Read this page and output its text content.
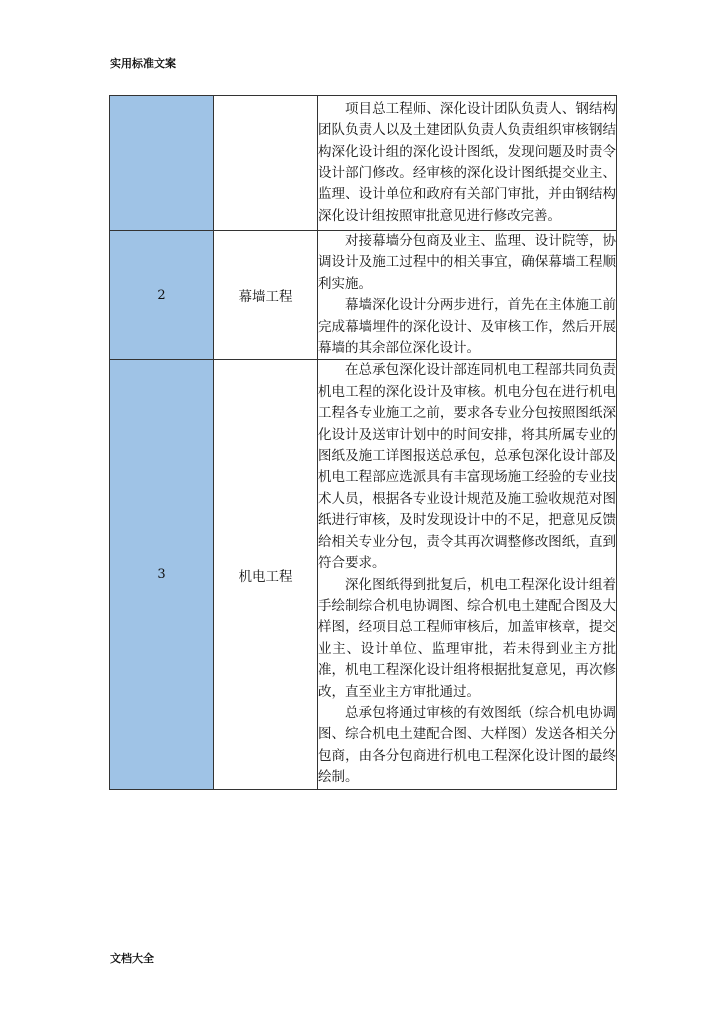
实用标准文案

		项目总工程师、深化设计团队负责人、钢结构团队负责人以及土建团队负责人负责组织审核钢结构深化设计组的深化设计图纸，发现问题及时责令设计部门修改。经审核的深化设计图纸提交业主、监理、设计单位和政府有关部门审批，并由钢结构深化设计组按照审批意见进行修改完善。

2	幕墙工程	对接幕墙分包商及业主、监理、设计院等，协调设计及施工过程中的相关事宜，确保幕墙工程顺利实施。

幕墙深化设计分两步进行，首先在主体施工前完成幕墙埋件的深化设计、及审核工作，然后开展幕墙的其余部位深化设计。

3	机电工程	在总承包深化设计部连同机电工程部共同负责机电工程的深化设计及审核。机电分包在进行机电工程各专业施工之前，要求各专业分包按照图纸深化设计及送审计划中的时间安排，将其所属专业的图纸及施工详图报送总承包，总承包深化设计部及机电工程部应选派具有丰富现场施工经验的专业技术人员，根据各专业设计规范及施工验收规范对图纸进行审核，及时发现设计中的不足，把意见反馈给相关专业分包，责令其再次调整修改图纸，直到符合要求。

深化图纸得到批复后，机电工程深化设计组着手绘制综合机电协调图、综合机电土建配合图及大样图，经项目总工程师审核后，加盖审核章，提交业主、设计单位、监理审批，若未得到业主方批准，机电工程深化设计组将根据批复意见，再次修改，直至业主方审批通过。

总承包将通过审核的有效图纸（综合机电协调图、综合机电土建配合图、大样图）发送各相关分包商，由各分包商进行机电工程深化设计图的最终绘制。

文档大全
